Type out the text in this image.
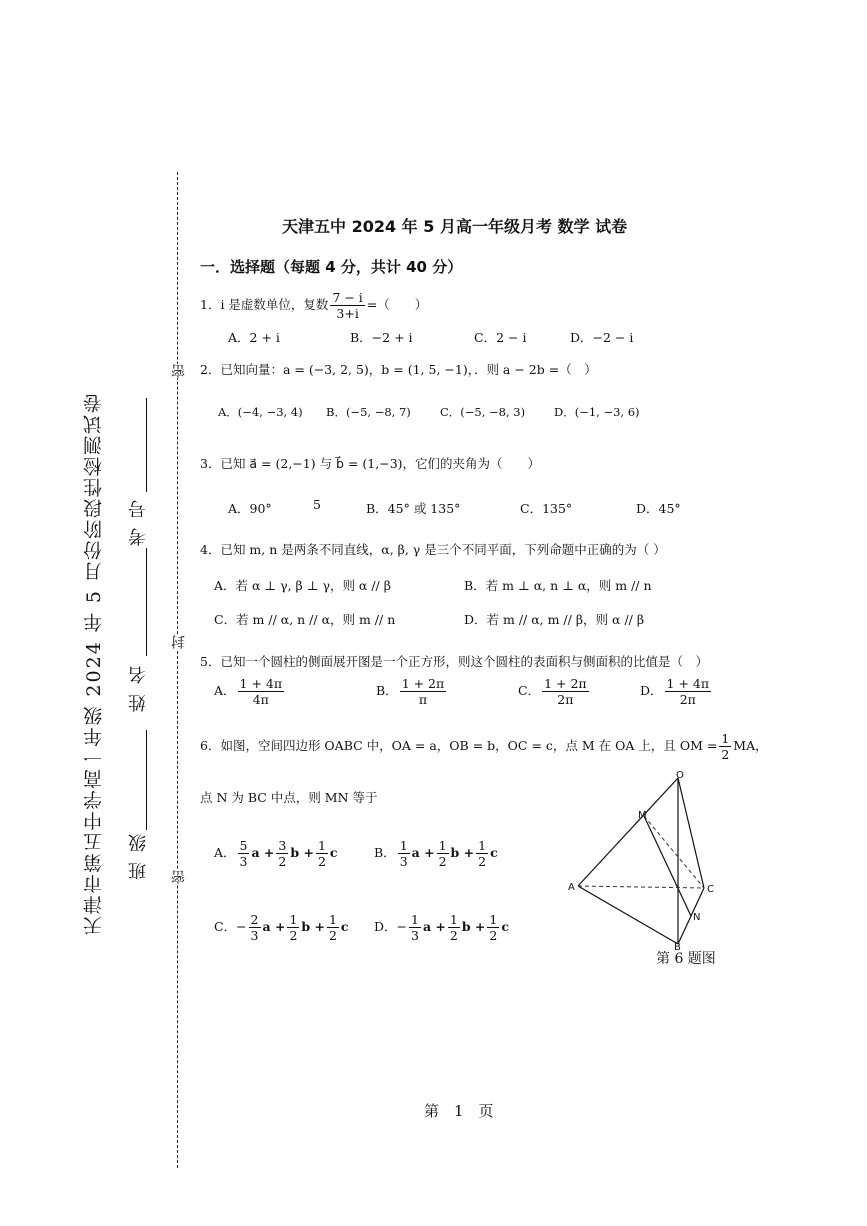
密
封
密
天津市第五中学高一年级 2024 年 5 月份阶段性检测试卷 班 级
姓 名
考 号
天津五中 2024 年 5 月高一年级月考 数学 试卷
一．选择题（每题 4 分，共计 40 分）
1．i 是虚数单位，复数 $\frac{7 - i}{3+i}$ =（　　）
A．2 + i	B．−2 + i	C．2 − i	D．−2 − i
2．已知向量：a = (−3, 2, 5)，b = (1, 5, −1)，．则 a − 2b =（　）
A．(−4, −3, 4) B．(−5, −8, 7)	C．(−5, −8, 3)	D．(−1, −3, 6)
3．已知 a⃗ = (2,−1) 与 b⃗ = (1,−3)，它们的夹角为（　　）
A．90°	5	B．45° 或 135°	C．135°	D．45°
4．已知 m, n 是两条不同直线，α, β, γ 是三个不同平面，下列命题中正确的为（ ）
A．若 α ⊥ γ, β ⊥ γ，则 α // β	B．若 m ⊥ α, n ⊥ α，则 m // n
C．若 m // α, n // α，则 m // n	D．若 m // α, m // β，则 α // β
5．已知一个圆柱的侧面展开图是一个正方形，则这个圆柱的表面积与侧面积的比值是（　）
A． $\frac{1 + 4\pi}{4\pi}$	B． $\frac{1 + 2\pi}{\pi}$	C． $\frac{1 + 2\pi}{2\pi}$	D． $\frac{1 + 4\pi}{2\pi}$
6．如图，空间四边形 OABC 中，OA = a，OB = b，OC = c，点 M 在 OA 上，且 OM = $\frac{1}{2}$ MA，
点 N 为 BC 中点，则 MN 等于
A． $\frac{5}{3}$ $a + \frac{3}{2}$ $b + \frac{1}{2}$ c	B． $\frac{1}{3}$ $a + \frac{1}{2}$ $b + \frac{1}{2}$ c
C．− $\frac{2}{3}$ $a + \frac{1}{2}$ $b + \frac{1}{2}$ c D．− $\frac{1}{3}$ $a + \frac{1}{2}$ $b + \frac{1}{2}$ c
O
M
A	C
N
B
第 6 题图
第　1　页
